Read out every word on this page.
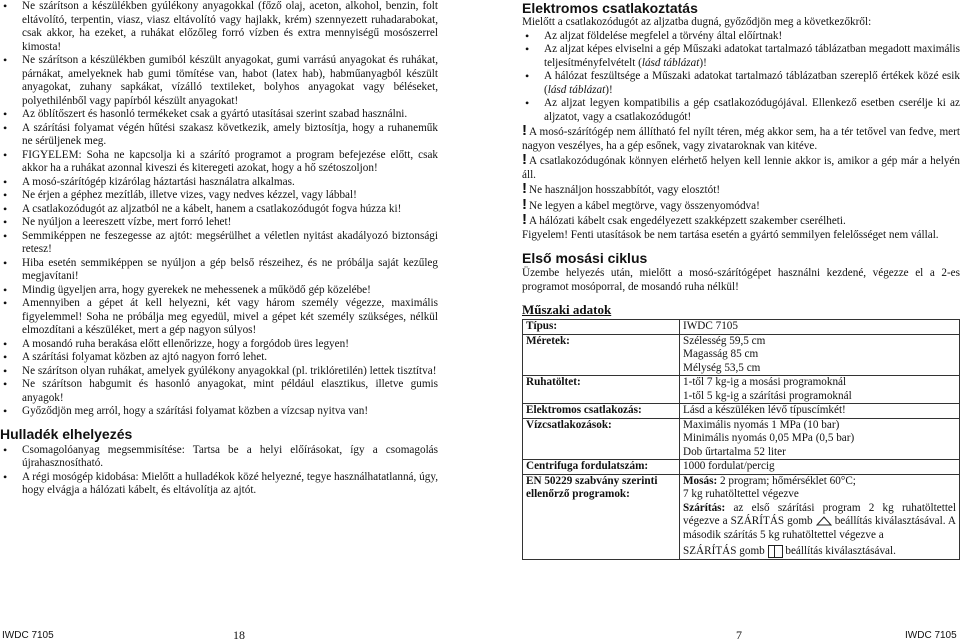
• Ne szárítson a készülékben gyúlékony anyagokkal (főző olaj, aceton, alkohol, benzin, folt eltávolító, terpentin, viasz, viasz eltávolító vagy hajlakk, krém) szennyezett ruhadarabokat, csak akkor, ha ezeket, a ruhákat előzőleg forró vízben és extra mennyiségű mosószerrel kimosta!
• Ne szárítson a készülékben gumiból készült anyagokat, gumi varrású anyagokat és ruhákat, párnákat, amelyeknek hab gumi tömítése van, habot (latex hab), habműanyagból készült anyagokat, zuhany sapkákat, vízálló textileket, bolyhos anyagokat vagy béléseket, polyethilénből vagy papírból készült anyagokat!
• Az öblítőszert és hasonló termékeket csak a gyártó utasításai szerint szabad használni.
• A szárítási folyamat végén hűtési szakasz következik, amely biztosítja, hogy a ruhaneműk ne sérüljenek meg.
• FIGYELEM: Soha ne kapcsolja ki a szárító programot a program befejezése előtt, csak akkor ha a ruhákat azonnal kiveszi és kiteregeti azokat, hogy a hő szétoszoljon!
• A mosó-szárítógép kizárólag háztartási használatra alkalmas.
• Ne érjen a géphez mezítláb, illetve vizes, vagy nedves kézzel, vagy lábbal!
• A csatlakozódugót az aljzatból ne a kábelt, hanem a csatlakozódugót fogva húzza ki!
• Ne nyúljon a leereszett vízbe, mert forró lehet!
• Semmiképpen ne feszegesse az ajtót: megsérülhet a véletlen nyitást akadályozó biztonsági retesz!
• Hiba esetén semmiképpen se nyúljon a gép belső részeihez, és ne próbálja saját kezűleg megjavítani!
• Mindig ügyeljen arra, hogy gyerekek ne mehessenek a működő gép közelébe!
• Amennyiben a gépet át kell helyezni, két vagy három személy végezze, maximális figyelemmel! Soha ne próbálja meg egyedül, mivel a gépet két személy szükséges, nélkül elmozdítani a készüléket, mert a gép nagyon súlyos!
• A mosandó ruha berakása előtt ellenőrizze, hogy a forgódob üres legyen!
• A szárítási folyamat közben az ajtó nagyon forró lehet.
• Ne szárítson olyan ruhákat, amelyek gyúlékony anyagokkal (pl. triklóretilén) lettek tisztítva!
• Ne szárítson habgumit és hasonló anyagokat, mint például elasztikus, illetve gumis anyagok!
• Győződjön meg arról, hogy a szárítási folyamat közben a vízcsap nyitva van!
Hulladék elhelyezés
• Csomagolóanyag megsemmisítése: Tartsa be a helyi előírásokat, így a csomagolás újrahasznosítható.
• A régi mosógép kidobása: Mielőtt a hulladékok közé helyezné, tegye használhatatlanná, úgy, hogy elvágja a hálózati kábelt, és eltávolítja az ajtót.
IWDC 7105	18
Elektromos csatlakoztatás

Mielőtt a csatlakozódugót az aljzatba dugná, győződjön meg a következőkről:

• Az aljzat földelése megfelel a törvény által előírtnak!
• Az aljzat képes elviselni a gép Műszaki adatokat tartalmazó táblázatban megadott maximális teljesítményfelvételt (lásd táblázat)!
• A hálózat feszültsége a Műszaki adatokat tartalmazó táblázatban szereplő értékek közé esik (lásd táblázat)!
• Az aljzat legyen kompatibilis a gép csatlakozódugójával. Ellenkező esetben cserélje ki az aljzatot, vagy a csatlakozódugót!

! A mosó-szárítógép nem állítható fel nyílt téren, még akkor sem, ha a tér tetővel van fedve, mert nagyon veszélyes, ha a gép esőnek, vagy zivataroknak van kitéve.

! A csatlakozódugónak könnyen elérhető helyen kell lennie akkor is, amikor a gép már a helyén áll.

! Ne használjon hosszabbítót, vagy elosztót!

! Ne legyen a kábel megtörve, vagy összenyomódva!

! A hálózati kábelt csak engedélyezett szakképzett szakember cserélheti.

Figyelem! Fenti utasítások be nem tartása esetén a gyártó semmilyen felelősséget nem vállal.

Első mosási ciklus

Üzembe helyezés után, mielőtt a mosó-szárítógépet használni kezdené, végezze el a 2-es programot mosóporral, de mosandó ruha nélkül!

Műszaki adatok
Típus:	IWDC 7105
Méretek:	Szélesség 59,5 cm
Magasság 85 cm
Mélység 53,5 cm

Ruhatöltet:	1-től 7 kg-ig a mosási programoknál
1-től 5 kg-ig a szárítási programoknál

Elektromos csatlakozás:	Lásd a készüléken lévő típuscímkét!
Vízcsatlakozások:	Maximális nyomás 1 MPa (10 bar)
Minimális nyomás 0,05 MPa (0,5 bar)
Dob űrtartalma 52 liter

Centrifuga fordulatszám:	1000 fordulat/percig
EN 50229 szabvány szerinti ellenőrző programok:	Mosás: 2 program; hőmérséklet 60°C;
7 kg ruhatöltettel végezve
Szárítás: az első szárítási program 2 kg ruhatöltettel végezve a SZÁRÍTÁS gomb beállítás kiválasztásával. A második szárítás 5 kg ruhatöltettel végezve a
SZÁRÍTÁS gomb beállítás kiválasztásával.
7	IWDC 7105
